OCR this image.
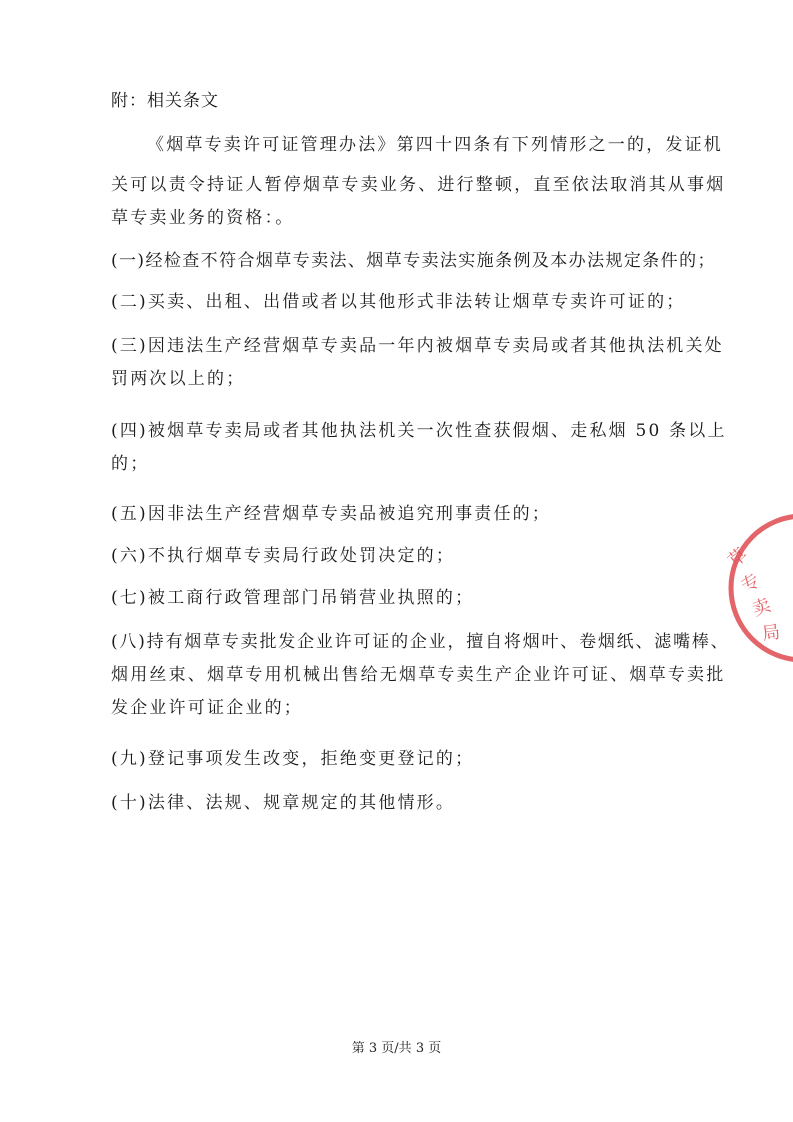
附：相关条文
《烟草专卖许可证管理办法》第四十四条有下列情形之一的，发证机
关可以责令持证人暂停烟草专卖业务、进行整顿，直至依法取消其从事烟
草专卖业务的资格：。
(一)经检查不符合烟草专卖法、烟草专卖法实施条例及本办法规定条件的；
(二)买卖、出租、出借或者以其他形式非法转让烟草专卖许可证的；
(三)因违法生产经营烟草专卖品一年内被烟草专卖局或者其他执法机关处
罚两次以上的；
(四)被烟草专卖局或者其他执法机关一次性查获假烟、走私烟 50 条以上
的；
(五)因非法生产经营烟草专卖品被追究刑事责任的；
(六)不执行烟草专卖局行政处罚决定的；
(七)被工商行政管理部门吊销营业执照的；
(八)持有烟草专卖批发企业许可证的企业，擅自将烟叶、卷烟纸、滤嘴棒、
烟用丝束、烟草专用机械出售给无烟草专卖生产企业许可证、烟草专卖批
发企业许可证企业的；
(九)登记事项发生改变，拒绝变更登记的；
(十)法律、法规、规章规定的其他情形。
草
专
卖
局
第 3 页/共 3 页
